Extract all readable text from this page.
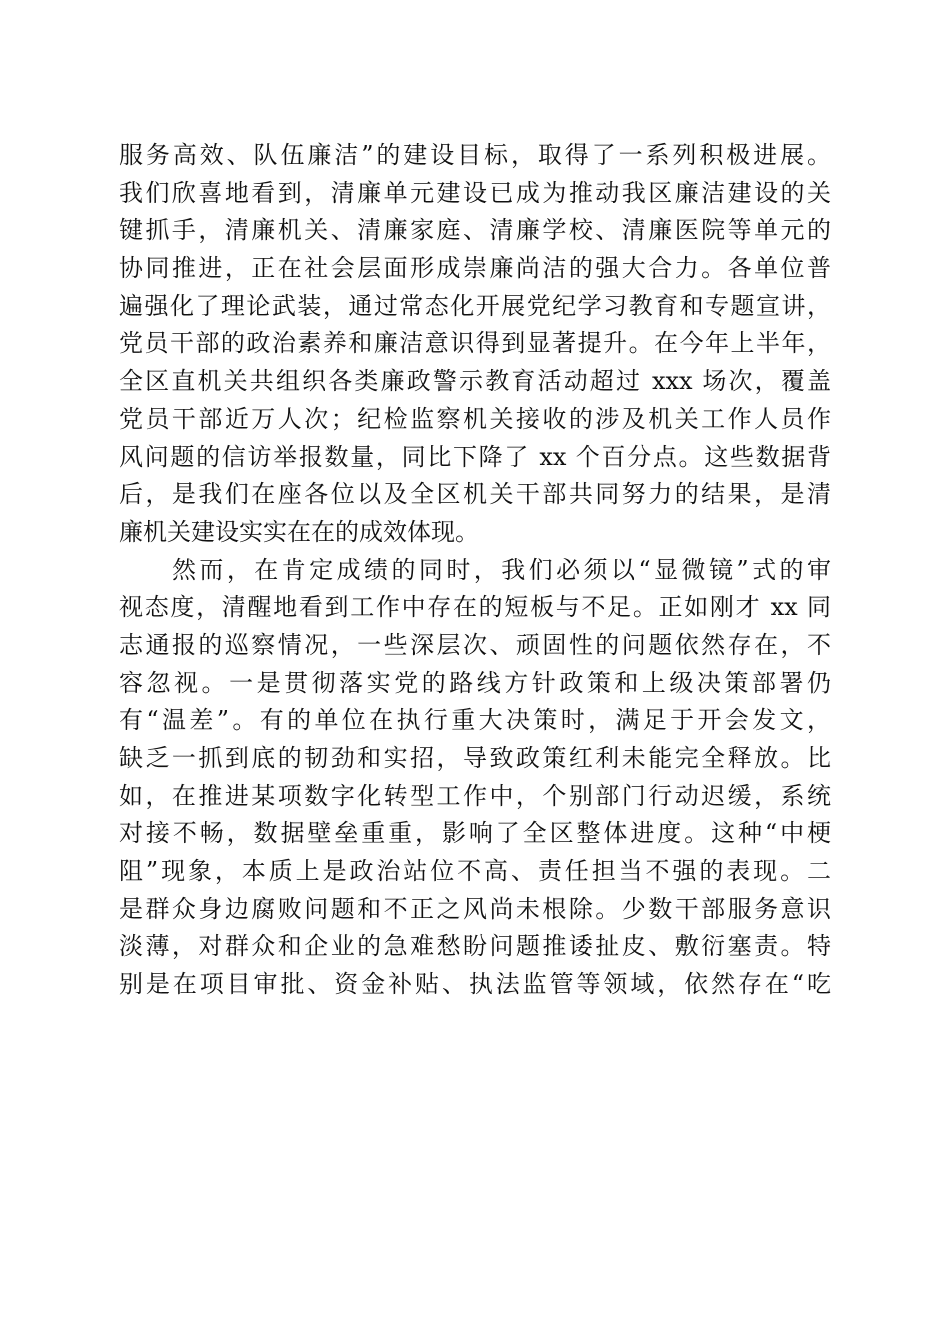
服务高效、队伍廉洁”的建设目标，取得了一系列积极进展。
我们欣喜地看到，清廉单元建设已成为推动我区廉洁建设的关
键抓手，清廉机关、清廉家庭、清廉学校、清廉医院等单元的
协同推进，正在社会层面形成崇廉尚洁的强大合力。各单位普
遍强化了理论武装，通过常态化开展党纪学习教育和专题宣讲，
党员干部的政治素养和廉洁意识得到显著提升。在今年上半年，
全区直机关共组织各类廉政警示教育活动超过 xxx 场次，覆盖
党员干部近万人次；纪检监察机关接收的涉及机关工作人员作
风问题的信访举报数量，同比下降了 xx 个百分点。这些数据背
后，是我们在座各位以及全区机关干部共同努力的结果，是清
廉机关建设实实在在的成效体现。
然而，在肯定成绩的同时，我们必须以“显微镜”式的审
视态度，清醒地看到工作中存在的短板与不足。正如刚才 xx 同
志通报的巡察情况，一些深层次、顽固性的问题依然存在，不
容忽视。一是贯彻落实党的路线方针政策和上级决策部署仍
有“温差”。有的单位在执行重大决策时，满足于开会发文，
缺乏一抓到底的韧劲和实招，导致政策红利未能完全释放。比
如，在推进某项数字化转型工作中，个别部门行动迟缓，系统
对接不畅，数据壁垒重重，影响了全区整体进度。这种“中梗
阻”现象，本质上是政治站位不高、责任担当不强的表现。二
是群众身边腐败问题和不正之风尚未根除。少数干部服务意识
淡薄，对群众和企业的急难愁盼问题推诿扯皮、敷衍塞责。特
别是在项目审批、资金补贴、执法监管等领域，依然存在“吃
